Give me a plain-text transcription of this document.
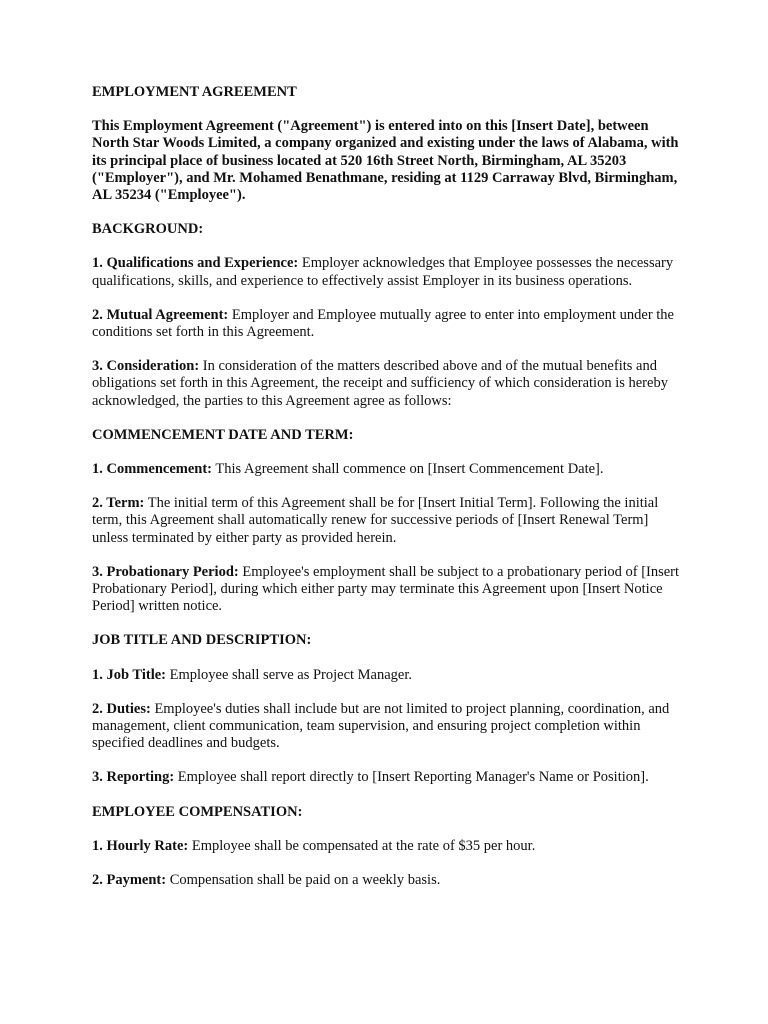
EMPLOYMENT AGREEMENT

This Employment Agreement ("Agreement") is entered into on this [Insert Date], between North Star Woods Limited, a company organized and existing under the laws of Alabama, with its principal place of business located at 520 16th Street North, Birmingham, AL 35203 ("Employer"), and Mr. Mohamed Benathmane, residing at 1129 Carraway Blvd, Birmingham, AL 35234 ("Employee").

BACKGROUND:

1. Qualifications and Experience: Employer acknowledges that Employee possesses the necessary qualifications, skills, and experience to effectively assist Employer in its business operations.

2. Mutual Agreement: Employer and Employee mutually agree to enter into employment under the conditions set forth in this Agreement.

3. Consideration: In consideration of the matters described above and of the mutual benefits and obligations set forth in this Agreement, the receipt and sufficiency of which consideration is hereby acknowledged, the parties to this Agreement agree as follows:

COMMENCEMENT DATE AND TERM:

1. Commencement: This Agreement shall commence on [Insert Commencement Date].

2. Term: The initial term of this Agreement shall be for [Insert Initial Term]. Following the initial term, this Agreement shall automatically renew for successive periods of [Insert Renewal Term] unless terminated by either party as provided herein.

3. Probationary Period: Employee's employment shall be subject to a probationary period of [Insert Probationary Period], during which either party may terminate this Agreement upon [Insert Notice Period] written notice.

JOB TITLE AND DESCRIPTION:

1. Job Title: Employee shall serve as Project Manager.

2. Duties: Employee's duties shall include but are not limited to project planning, coordination, and management, client communication, team supervision, and ensuring project completion within specified deadlines and budgets.

3. Reporting: Employee shall report directly to [Insert Reporting Manager's Name or Position].

EMPLOYEE COMPENSATION:

1. Hourly Rate: Employee shall be compensated at the rate of $35 per hour.

2. Payment: Compensation shall be paid on a weekly basis.
